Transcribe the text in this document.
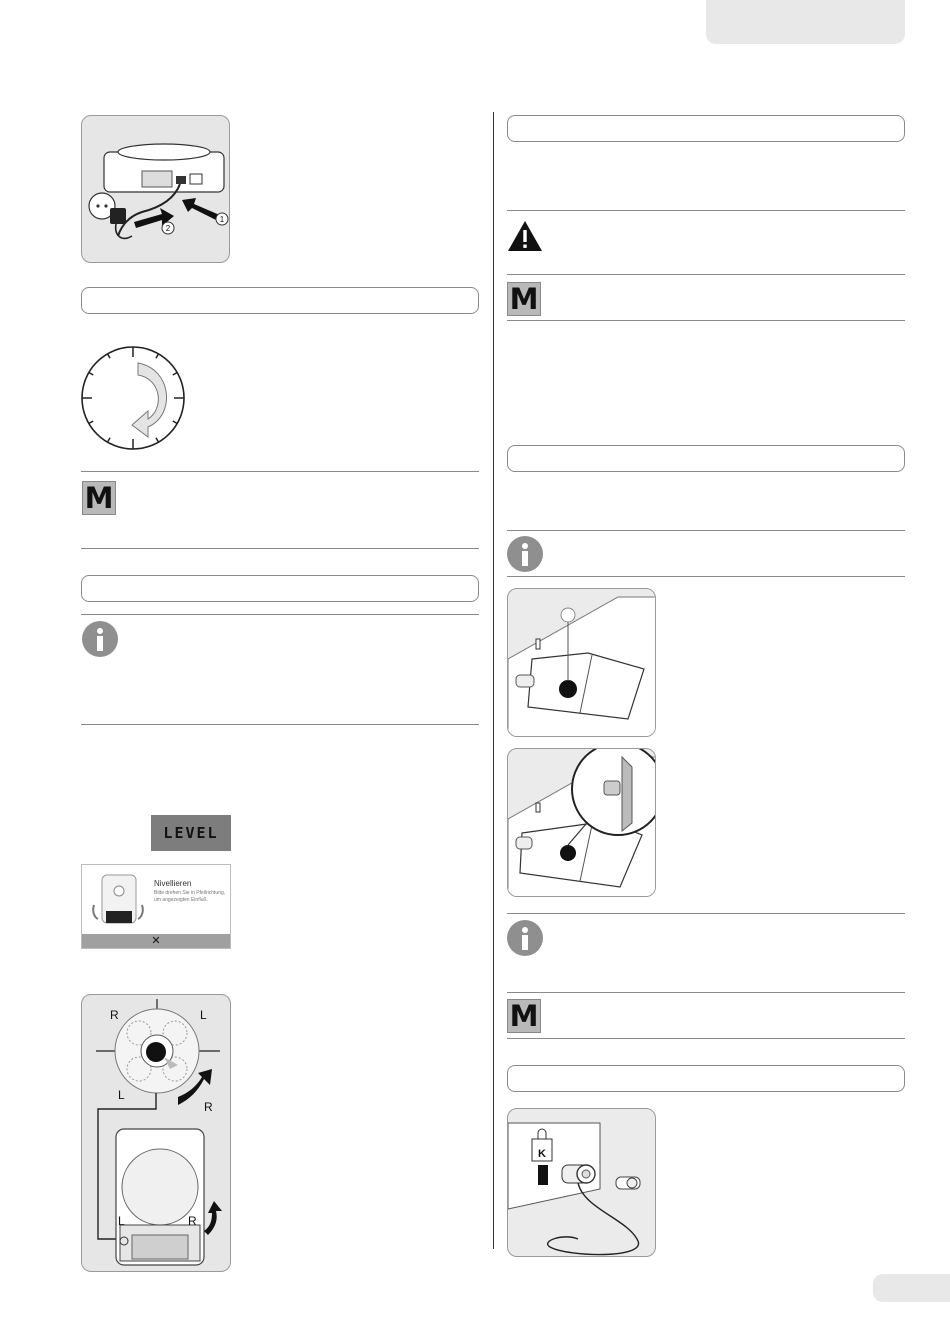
1
2
M
LEVEL
Nivellieren
Bitte drehen Sie in Pfeilrichtung, um angezeigten Einfluß.
✕
R	L
L
R
L	R
M
M
K
